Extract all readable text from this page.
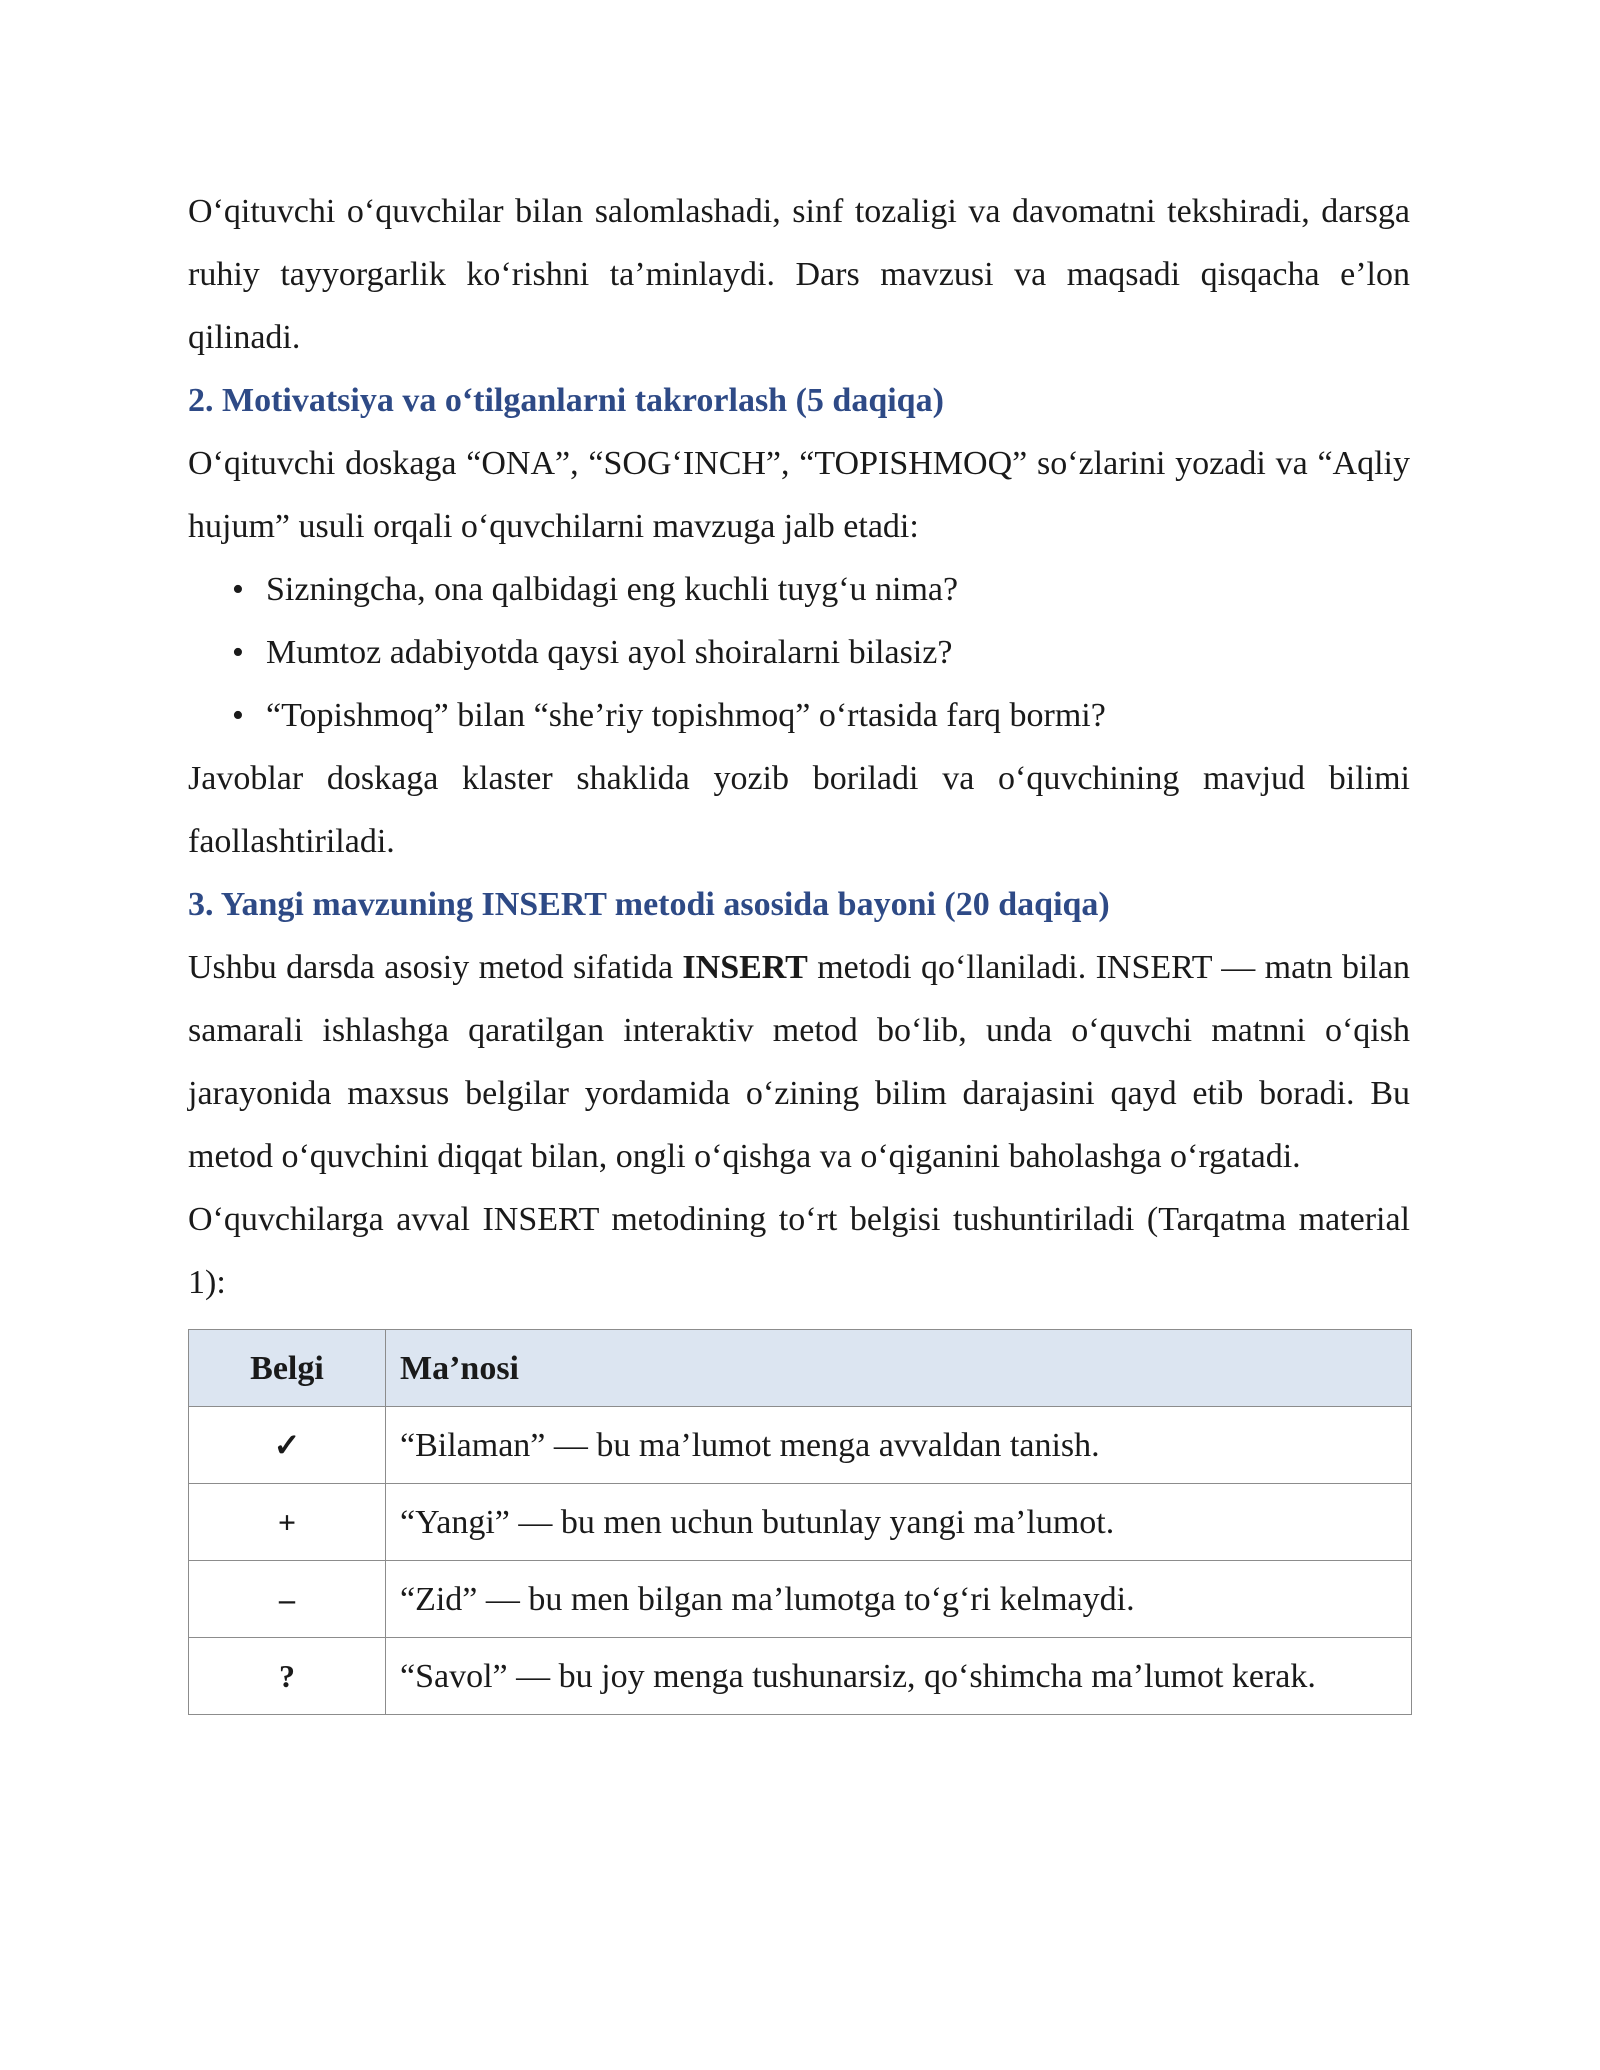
O‘qituvchi o‘quvchilar bilan salomlashadi, sinf tozaligi va davomatni tekshiradi, darsga ruhiy tayyorgarlik ko‘rishni ta’minlaydi. Dars mavzusi va maqsadi qisqacha e’lon qilinadi.

2. Motivatsiya va o‘tilganlarni takrorlash (5 daqiqa)

O‘qituvchi doskaga “ONA”, “SOG‘INCH”, “TOPISHMOQ” so‘zlarini yozadi va “Aqliy hujum” usuli orqali o‘quvchilarni mavzuga jalb etadi:

• Sizningcha, ona qalbidagi eng kuchli tuyg‘u nima?
• Mumtoz adabiyotda qaysi ayol shoiralarni bilasiz?
• “Topishmoq” bilan “she’riy topishmoq” o‘rtasida farq bormi?

Javoblar doskaga klaster shaklida yozib boriladi va o‘quvchining mavjud bilimi faollashtiriladi.

3. Yangi mavzuning INSERT metodi asosida bayoni (20 daqiqa)

Ushbu darsda asosiy metod sifatida INSERT metodi qo‘llaniladi. INSERT — matn bilan samarali ishlashga qaratilgan interaktiv metod bo‘lib, unda o‘quvchi matnni o‘qish jarayonida maxsus belgilar yordamida o‘zining bilim darajasini qayd etib boradi. Bu metod o‘quvchini diqqat bilan, ongli o‘qishga va o‘qiganini baholashga o‘rgatadi.

O‘quvchilarga avval INSERT metodining to‘rt belgisi tushuntiriladi (Tarqatma material 1):

Belgi	Ma’nosi
✓	“Bilaman” — bu ma’lumot menga avvaldan tanish.
+	“Yangi” — bu men uchun butunlay yangi ma’lumot.
–	“Zid” — bu men bilgan ma’lumotga to‘g‘ri kelmaydi.
?	“Savol” — bu joy menga tushunarsiz, qo‘shimcha ma’lumot kerak.
